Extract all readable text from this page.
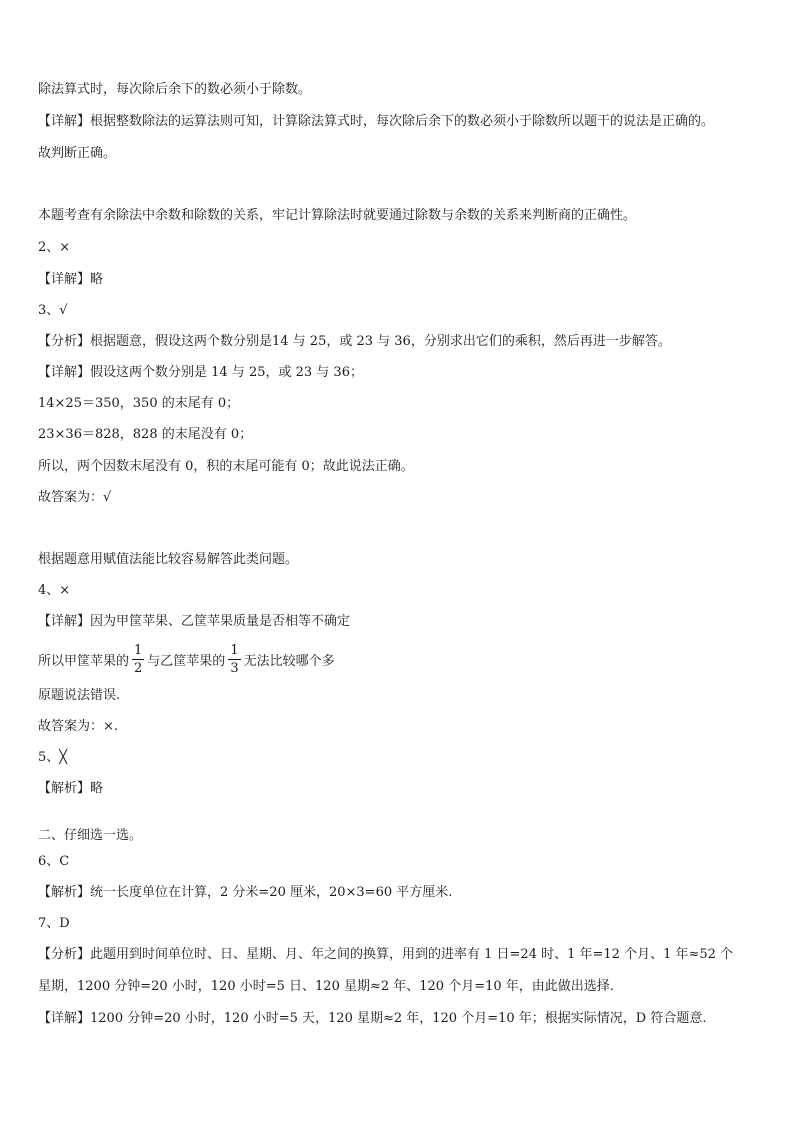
除法算式时，每次除后余下的数必须小于除数。
【详解】根据整数除法的运算法则可知，计算除法算式时，每次除后余下的数必须小于除数所以题干的说法是正确的。
故判断正确。
本题考查有余除法中余数和除数的关系，牢记计算除法时就要通过除数与余数的关系来判断商的正确性。
2、×
【详解】略
3、√
【分析】根据题意，假设这两个数分别是14 与 25，或 23 与 36，分别求出它们的乘积，然后再进一步解答。
【详解】假设这两个数分别是 14 与 25，或 23 与 36；
14×25＝350，350 的末尾有 0；
23×36＝828，828 的末尾没有 0；
所以，两个因数末尾没有 0，积的末尾可能有 0；故此说法正确。
故答案为：√
根据题意用赋值法能比较容易解答此类问题。
4、×
【详解】因为甲筐苹果、乙筐苹果质量是否相等不确定
所以甲筐苹果的 $\frac{1}{2}$ 与乙筐苹果的 $\frac{1}{3}$ 无法比较哪个多
原题说法错误.
故答案为：×.
5、╳
【解析】略
二、仔细选一选。
6、C
【解析】统一长度单位在计算，2 分米=20 厘米，20×3=60 平方厘米.
7、D
【分析】此题用到时间单位时、日、星期、月、年之间的换算，用到的进率有 1 日=24 时、1 年=12 个月、1 年≈52 个
星期，1200 分钟=20 小时，120 小时=5 日、120 星期≈2 年、120 个月=10 年，由此做出选择.
【详解】1200 分钟=20 小时，120 小时=5 天，120 星期≈2 年，120 个月=10 年；根据实际情况，D 符合题意.
